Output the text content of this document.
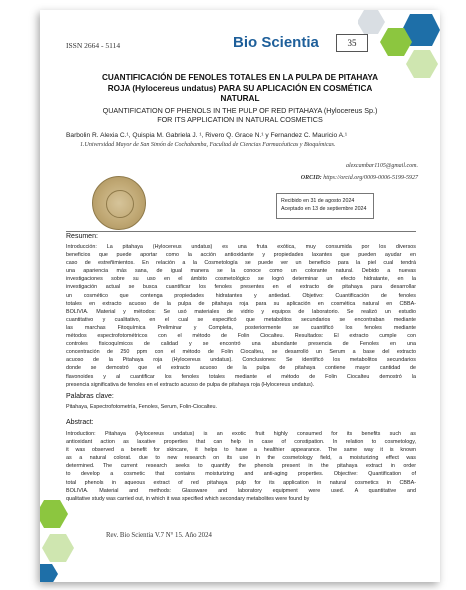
ISSN 2664 - 5114	Bio Scientia	35
CUANTIFICACIÓN DE FENOLES TOTALES EN LA PULPA DE PITAHAYA
ROJA (Hylocereus undatus) PARA SU APLICACIÓN EN COSMÉTICA
NATURAL
QUANTIFICATION OF PHENOLS IN THE PULP OF RED PITAHAYA (Hylocereus Sp.)
FOR ITS APPLICATION IN NATURAL COSMETICS
Barbolin R. Alexia C.¹, Quispia M. Gabriela J. ¹, Rivero Q. Grace N.¹ y Fernandez C. Mauricio A.¹
1.Universidad Mayor de San Simón de Cochabamba, Facultad de Ciencias Farmacéuticas y Bioquímicas.
alexcambar1105@gmail.com.
ORCID: https://orcid.org/0009-0006-5199-5927
Recibido en 31 de agosto 2024
Aceptado en 13 de septiembre 2024
Resumen:
Introducción: La pitahaya (Hylocereus undatus) es una fruta exótica, muy consumida por los diversos
beneficios que puede aportar como la acción antioxidante y propiedades laxantes que pueden ayudar en
caso de estreñimientos. En relación a la Cosmetología se puede ver un beneficio para la piel cual tendrá
una apariencia más sana, de igual manera se la conoce como un colorante natural. Debido a nuevas
investigaciones sobre su uso en el ámbito cosmetológico se logró determinar un efecto hidratante, en la
investigación actual se busca cuantificar los fenoles presentes en el extracto de pitahaya para desarrollar
un cosmético que contenga propiedades hidratantes y antiedad. Objetivo: Cuantificación de fenoles
totales en extracto acuoso de la pulpa de pitahaya roja para su aplicación en cosmética natural en CBBA-
BOLIVIA. Material y métodos: Se usó materiales de vidrio y equipos de laboratorio. Se realizó un estudio
cuantitativo y cualitativo, en el cual se especificó que metabolitos secundarios se encontraban mediante
las marchas Fitoquímica Preliminar y Completa, posteriormente se cuantificó los fenoles mediante
métodos espectrofotométricos con el método de Folin Ciocalteu. Resultados: El extracto cumple con
controles fisicoquímicos de calidad y se encontró una abundante presencia de Fenoles en una
concentración de 250 ppm con el método de Folin Ciocalteu, se desarrolló un Serum a base del extracto
acuoso de la Pitahaya roja (Hylocereus undatus). Conclusiones: Se identificó los metabolitos secundarios
donde se demostró que el extracto acuoso de la pulpa de pitahaya contiene mayor cantidad de
flavonoides y al cuantificar los fenoles totales mediante el método de Folin Ciocalteu demostró la
presencia significativa de fenoles en el extracto acuoso de pulpa de pitahaya roja (Hylocereus undatus).
Palabras clave:
Pitahaya, Espectrofotometría, Fenoles, Serum, Folin-Ciocalteu.
Abstract:
Introduction: Pitahaya (Hylocereus undatus) is an exotic fruit highly consumed for its benefits such as
antioxidant action as laxative properties that can help in case of constipation. In relation to cosmetology,
it was observed a benefit for skincare, it helps to have a healthier appearance. The same way it is known
as a natural colorat. due to new research on its use in the cosmetology field, a moisturizing effect was
determined. The current research seeks to quantify the phenols present in the pitahaya extract in order
to develop a cosmetic that contains moisturizing and anti-aging properties. Objective: Quantification of
total phenols in aqueous extract of red pitahaya pulp for its application in natural cosmetics in CBBA-
BOLIVIA. Material and methods: Glassware and laboratory equipment were used. A quantitative and
qualitative study was carried out, in which it was specified which secondary metabolites were found by
Rev. Bio Scientia V.7 N° 15. Año 2024
